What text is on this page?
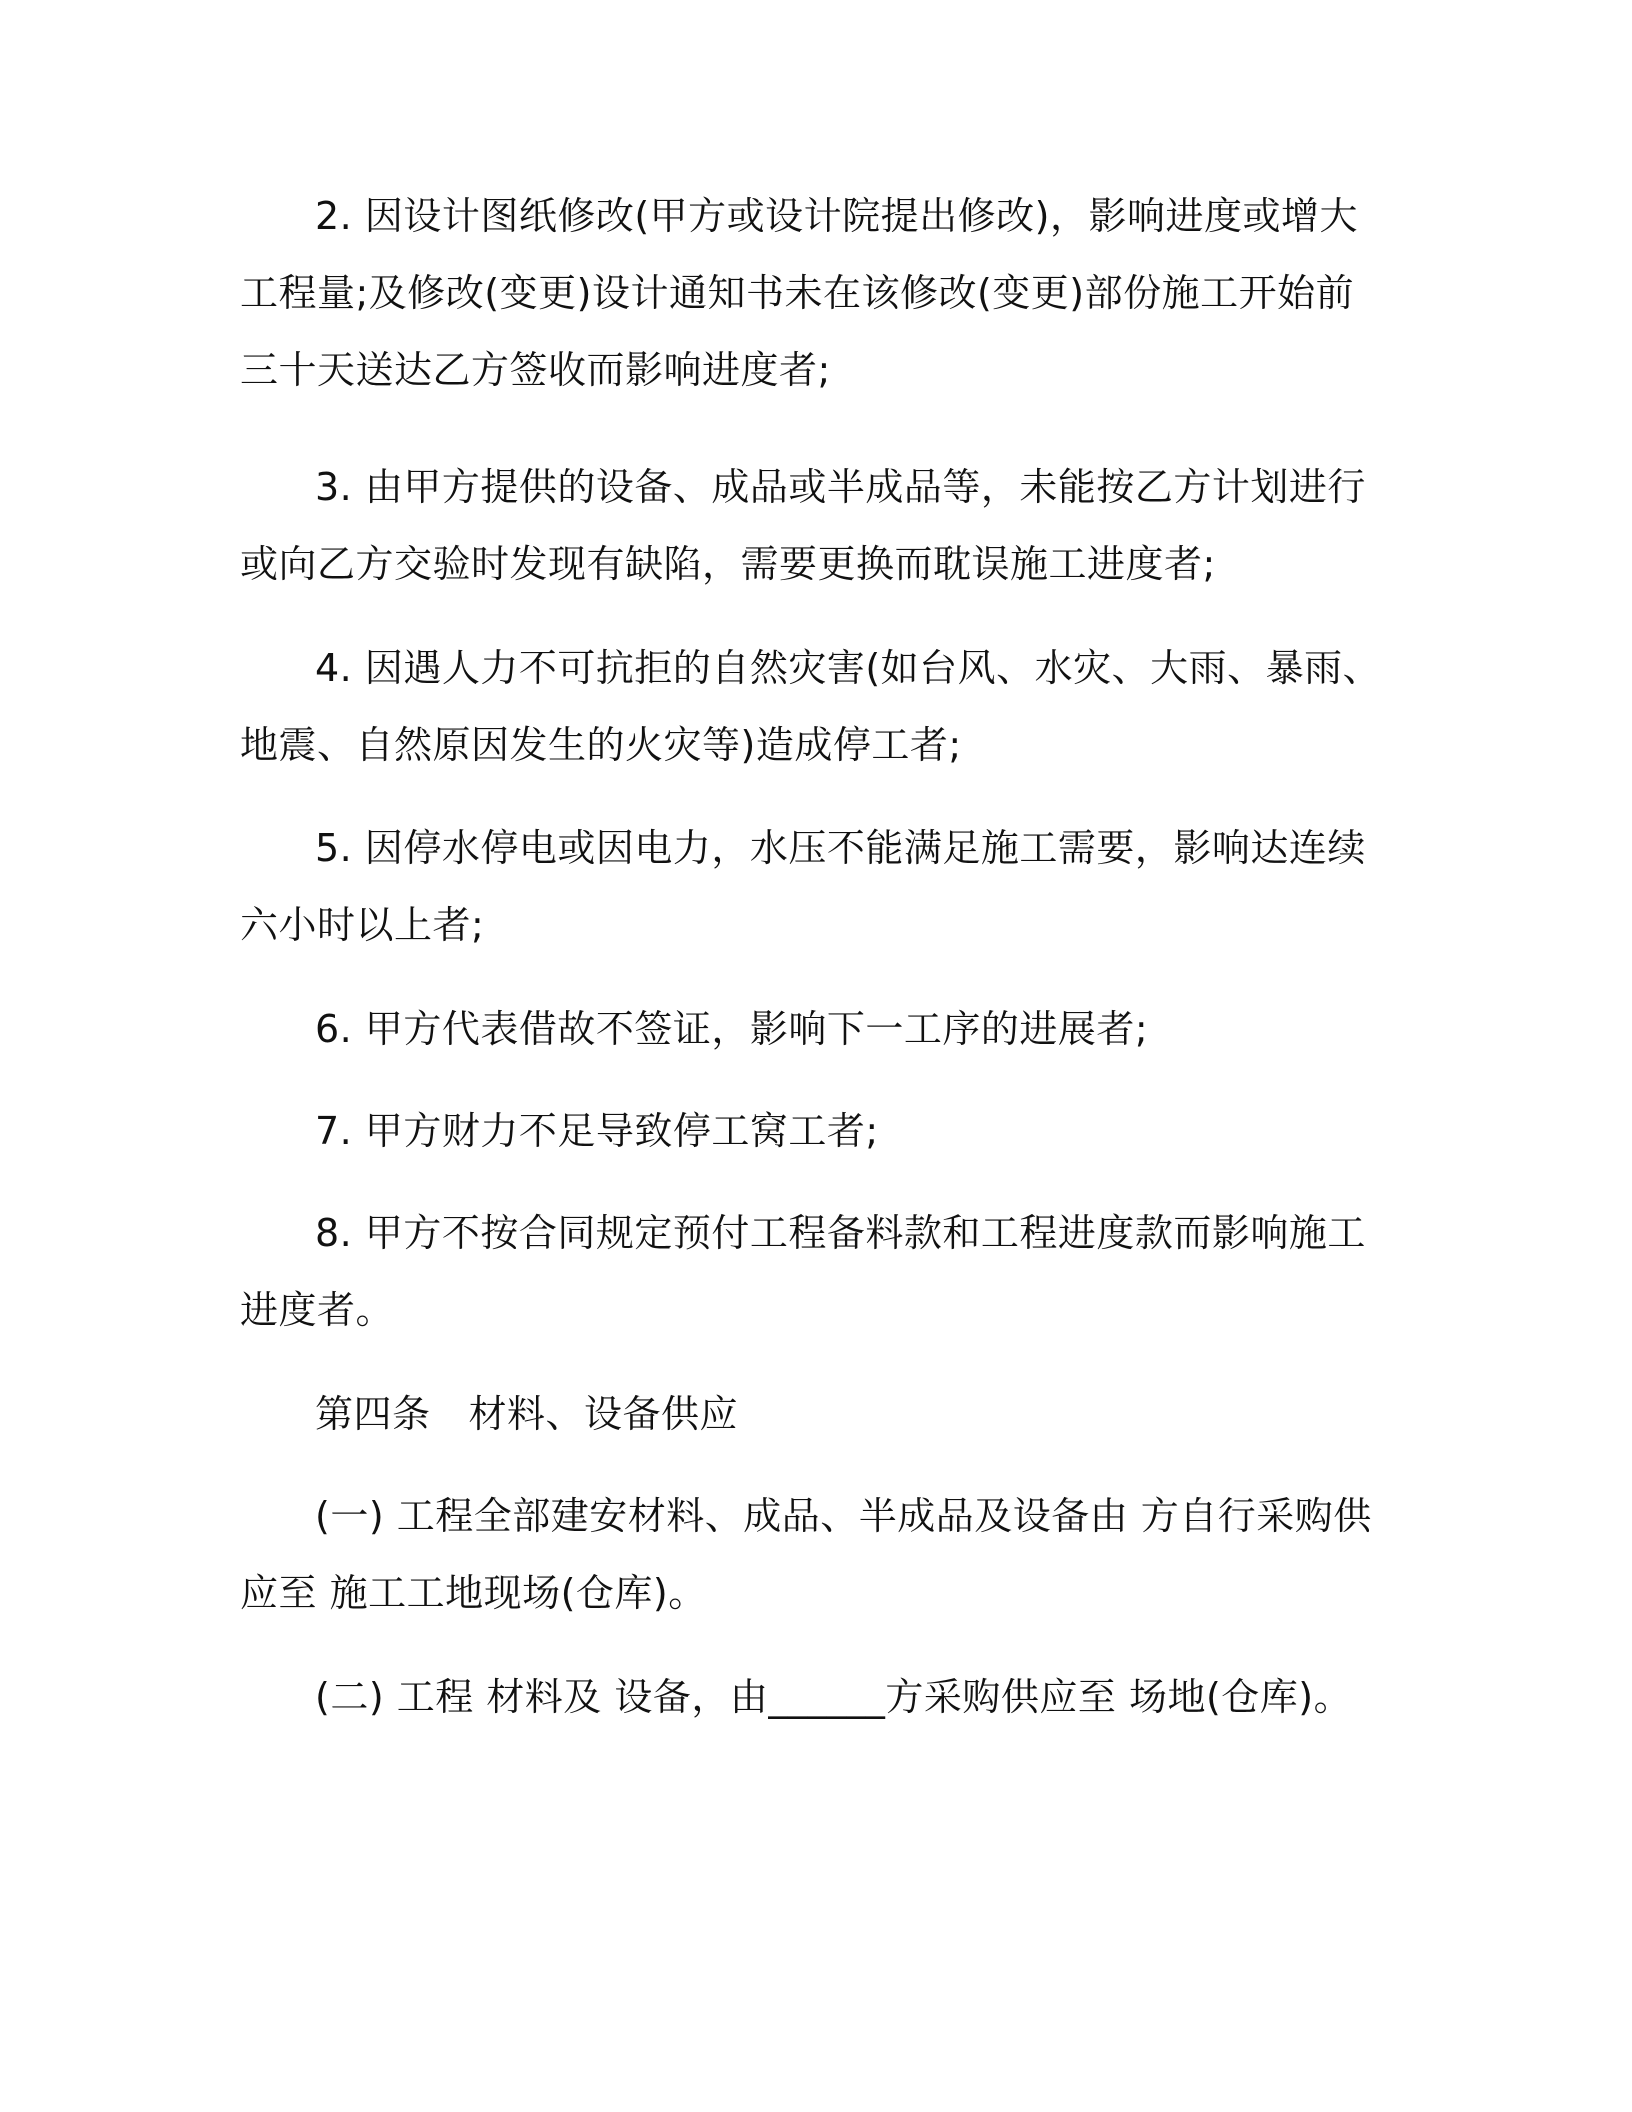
2. 因设计图纸修改(甲方或设计院提出修改)，影响进度或增大工程量;及修改(变更)设计通知书未在该修改(变更)部份施工开始前三十天送达乙方签收而影响进度者;

3. 由甲方提供的设备、成品或半成品等，未能按乙方计划进行或向乙方交验时发现有缺陷，需要更换而耽误施工进度者;

4. 因遇人力不可抗拒的自然灾害(如台风、水灾、大雨、暴雨、地震、自然原因发生的火灾等)造成停工者;

5. 因停水停电或因电力，水压不能满足施工需要，影响达连续六小时以上者;

6. 甲方代表借故不签证，影响下一工序的进展者;

7. 甲方财力不足导致停工窝工者;

8. 甲方不按合同规定预付工程备料款和工程进度款而影响施工进度者。

第四条 材料、设备供应

(一) 工程全部建安材料、成品、半成品及设备由 方自行采购供应至 施工工地现场(仓库)。

(二) 工程 材料及 设备，由______方采购供应至 场地(仓库)。
